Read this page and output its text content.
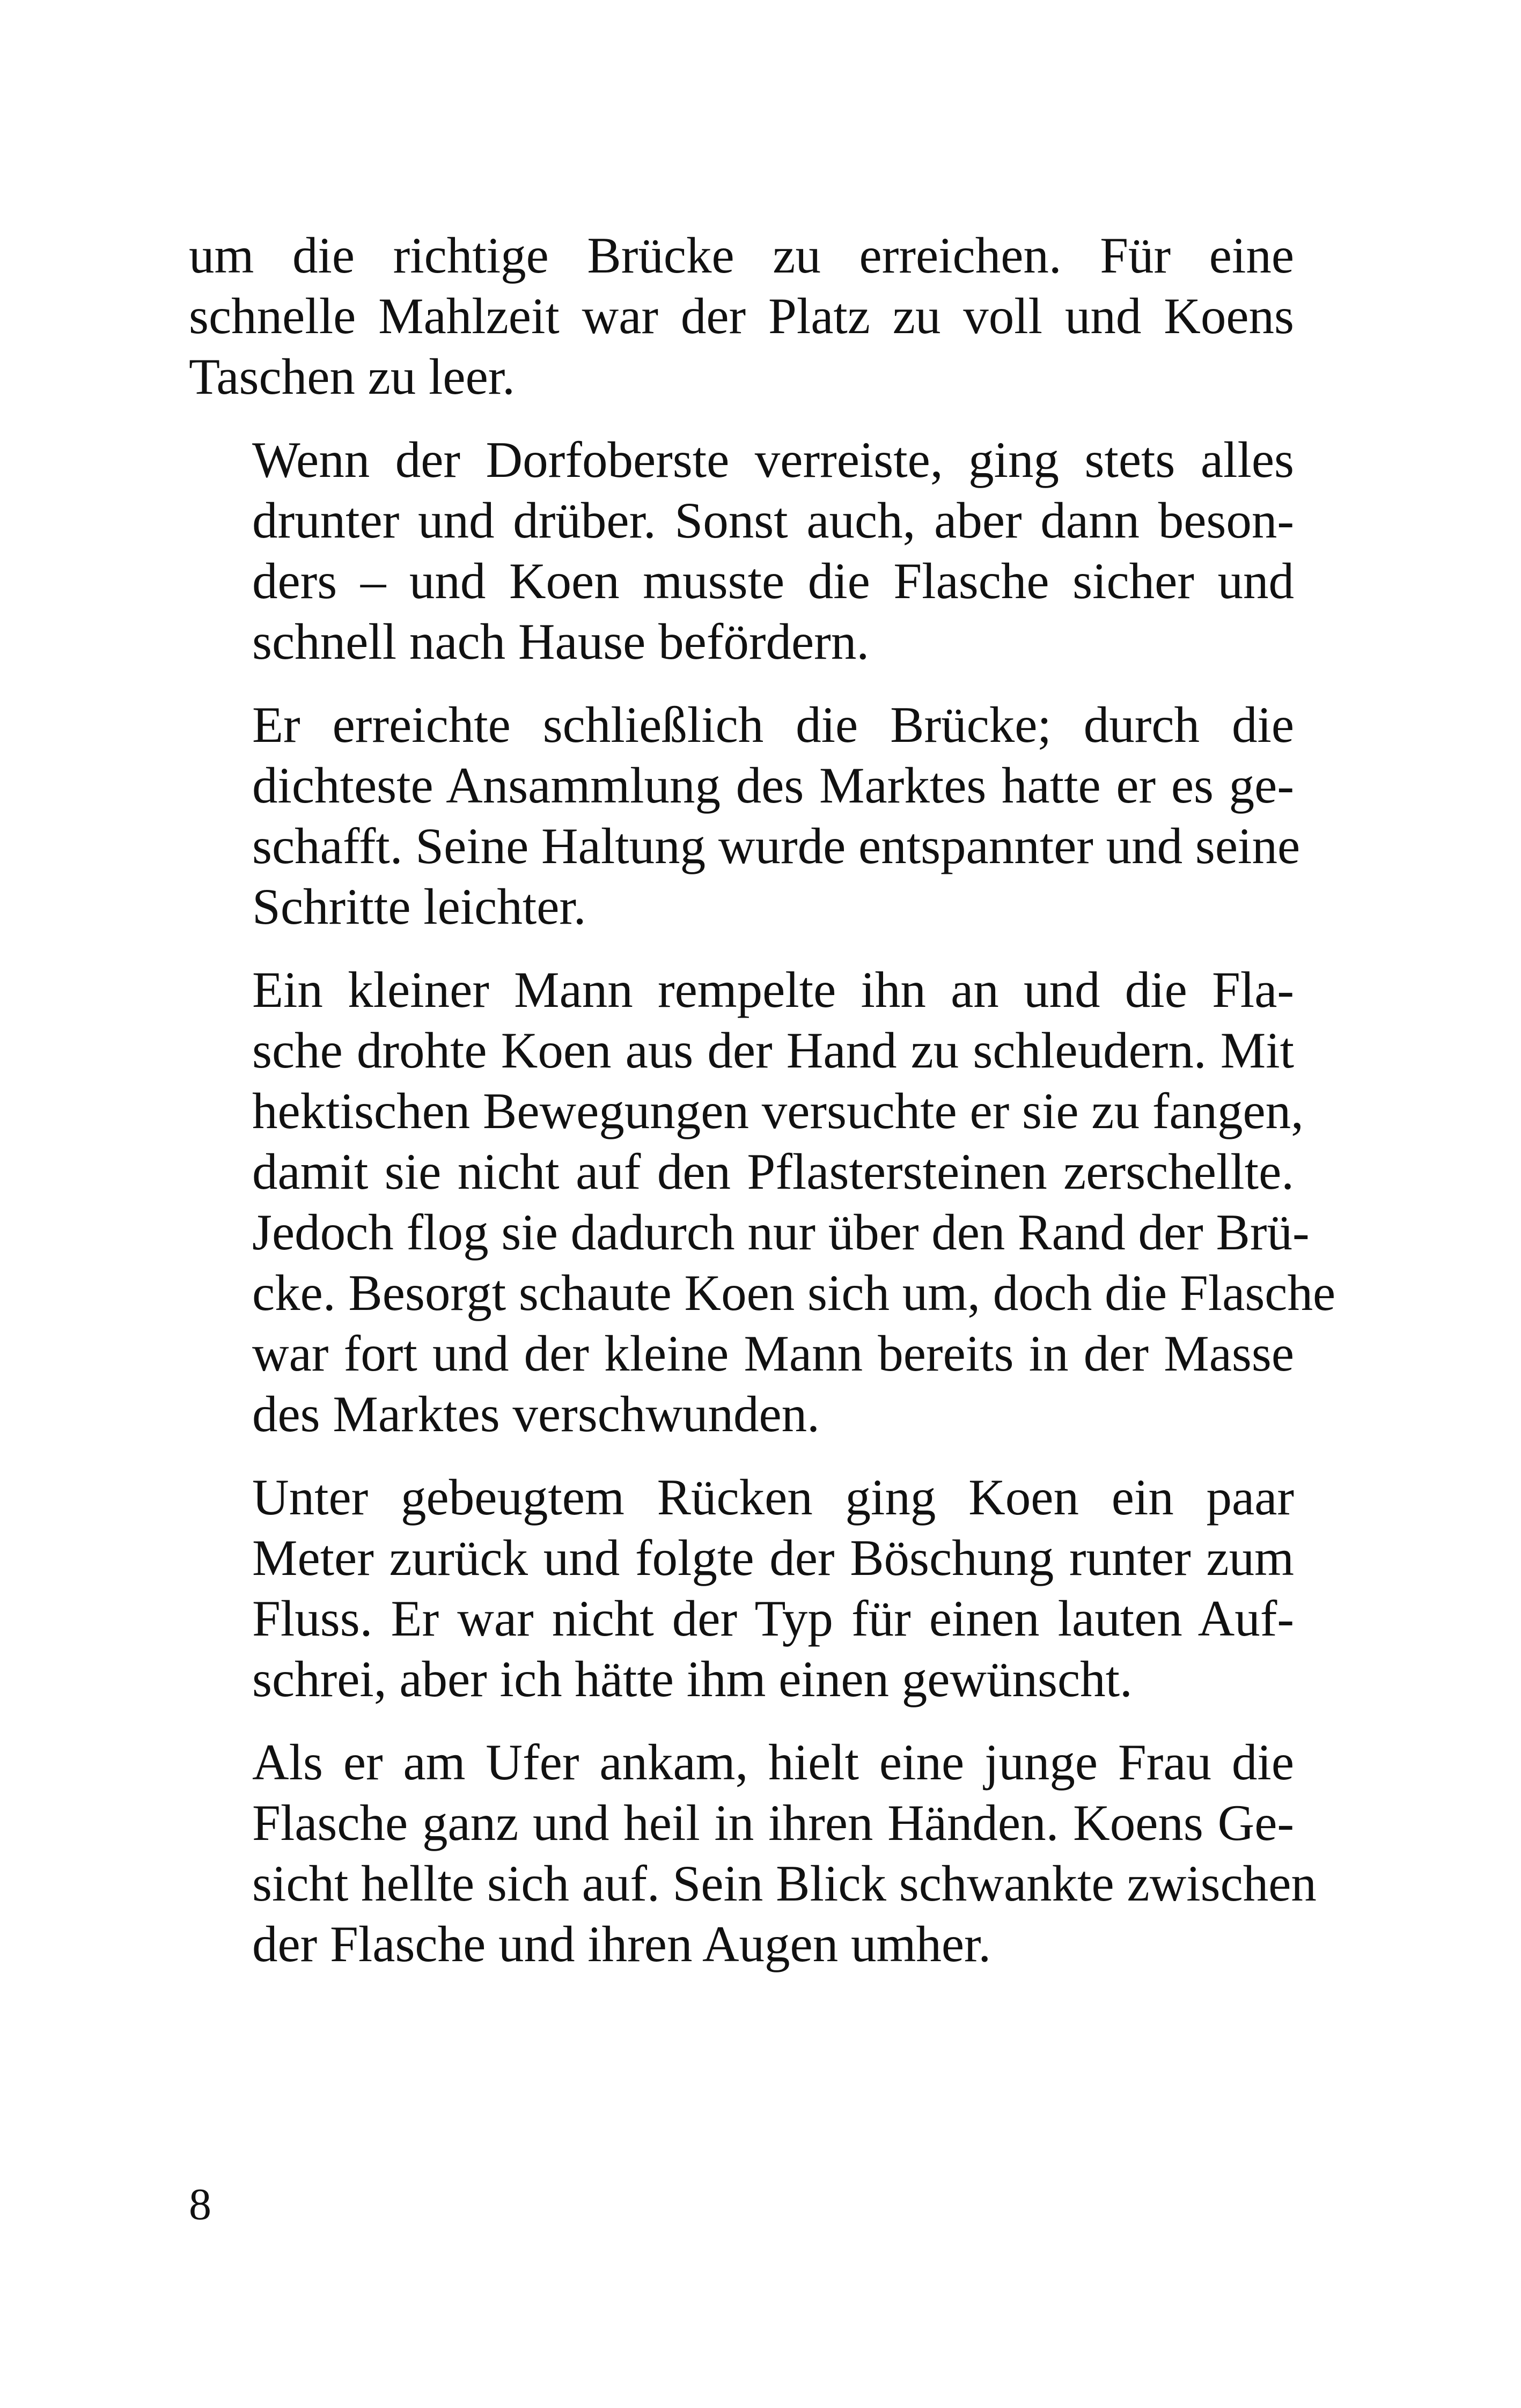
um die richtige Brücke zu erreichen. Für eine
schnelle Mahlzeit war der Platz zu voll und Koens
Taschen zu leer.

Wenn der Dorfoberste verreiste, ging stets alles
drunter und drüber. Sonst auch, aber dann beson-
ders – und Koen musste die Flasche sicher und
schnell nach Hause befördern.

Er erreichte schließlich die Brücke; durch die
dichteste Ansammlung des Marktes hatte er es ge-
schafft. Seine Haltung wurde entspannter und seine
Schritte leichter.

Ein kleiner Mann rempelte ihn an und die Fla-
sche drohte Koen aus der Hand zu schleudern. Mit
hektischen Bewegungen versuchte er sie zu fangen,
damit sie nicht auf den Pflastersteinen zerschellte.
Jedoch flog sie dadurch nur über den Rand der Brü-
cke. Besorgt schaute Koen sich um, doch die Flasche
war fort und der kleine Mann bereits in der Masse
des Marktes verschwunden.

Unter gebeugtem Rücken ging Koen ein paar
Meter zurück und folgte der Böschung runter zum
Fluss. Er war nicht der Typ für einen lauten Auf-
schrei, aber ich hätte ihm einen gewünscht.

Als er am Ufer ankam, hielt eine junge Frau die
Flasche ganz und heil in ihren Händen. Koens Ge-
sicht hellte sich auf. Sein Blick schwankte zwischen
der Flasche und ihren Augen umher.

8
